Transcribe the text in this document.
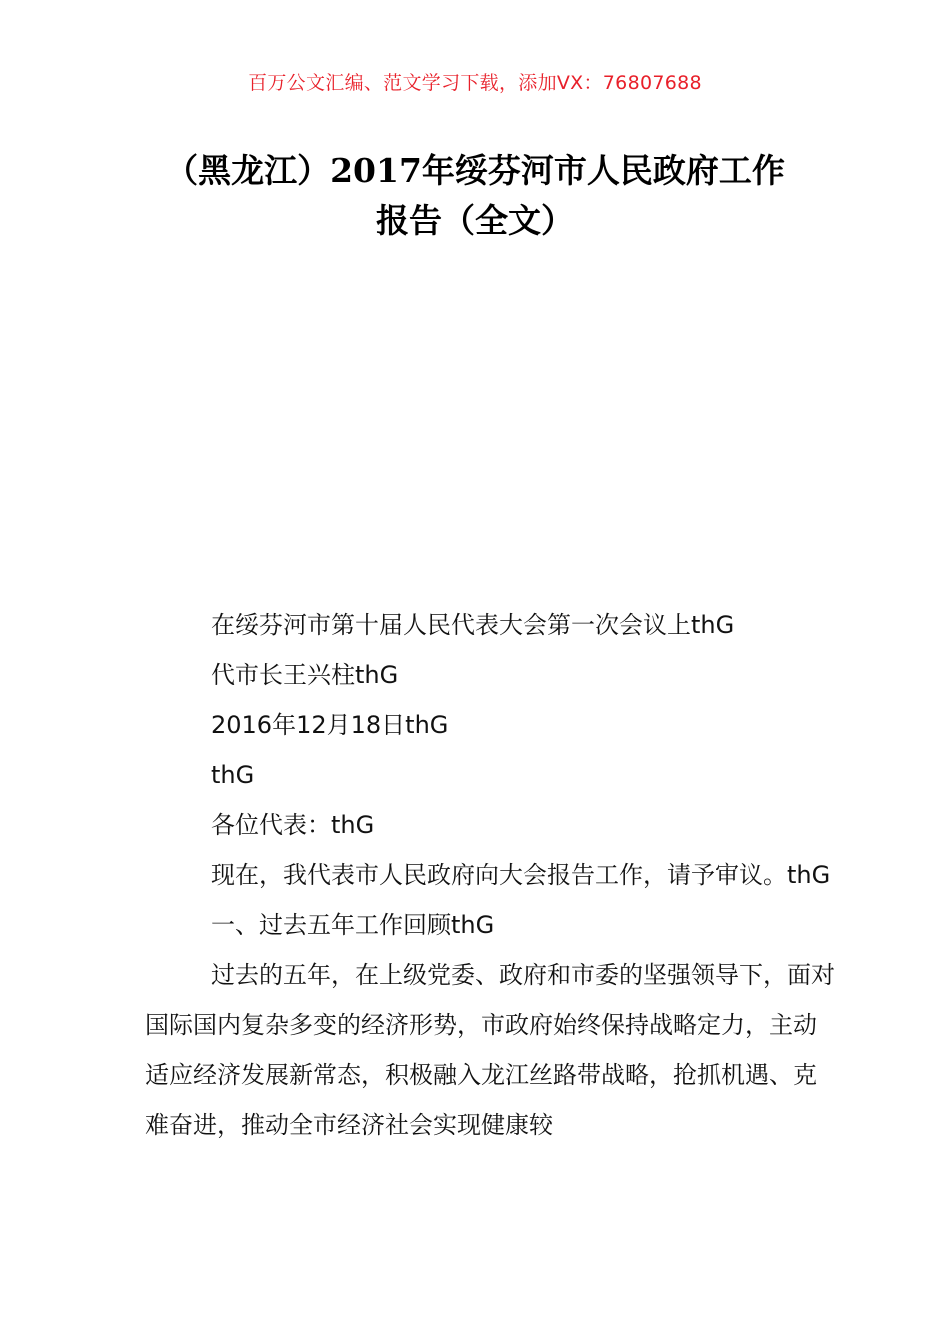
百万公文汇编、范文学习下载，添加VX：76807688
（黑龙江）2017年绥芬河市人民政府工作
报告（全文）

在绥芬河市第十届人民代表大会第一次会议上thG

代市长王兴柱thG

2016年12月18日thG

thG

各位代表：thG

现在，我代表市人民政府向大会报告工作，请予审议。thG

一、过去五年工作回顾thG

过去的五年，在上级党委、政府和市委的坚强领导下，面对国际国内复杂多变的经济形势，市政府始终保持战略定力，主动适应经济发展新常态，积极融入龙江丝路带战略，抢抓机遇、克难奋进，推动全市经济社会实现健康较
